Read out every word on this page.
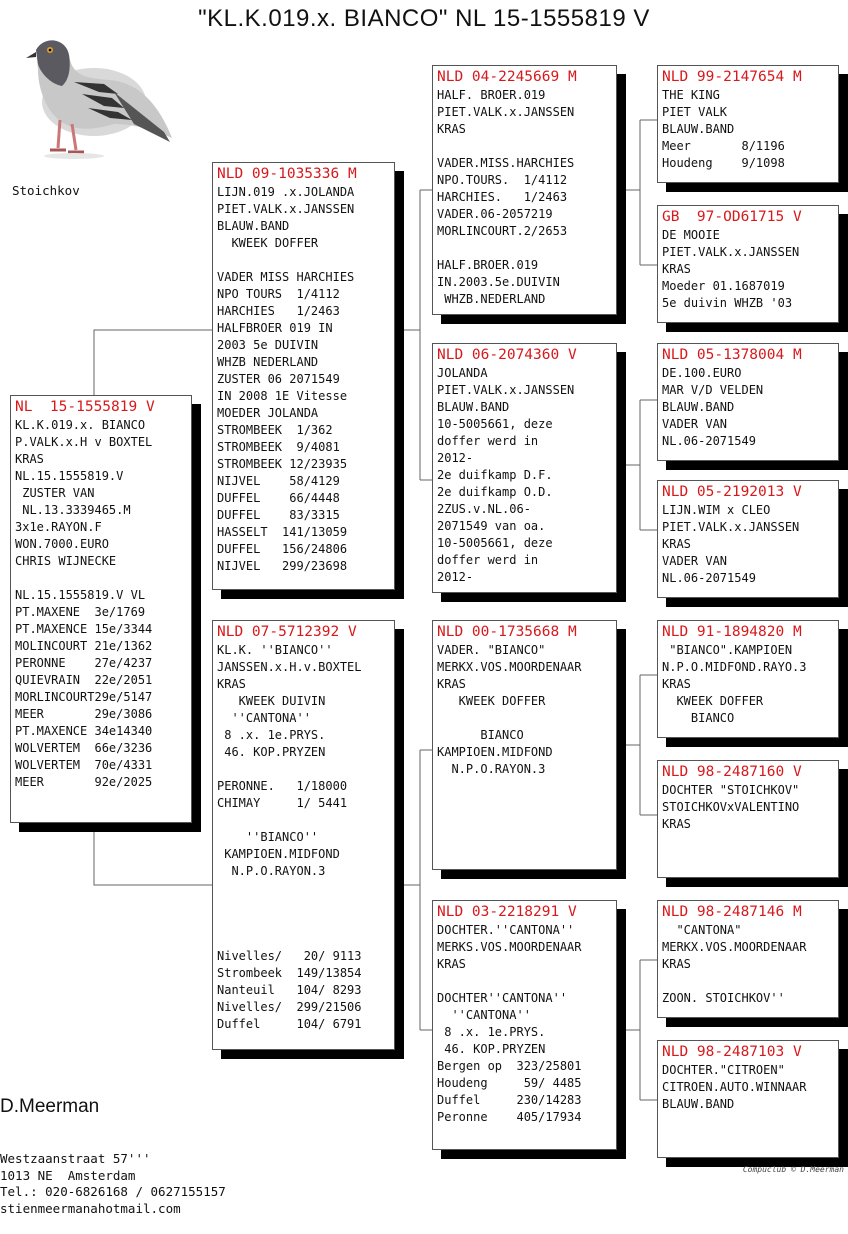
"KL.K.019.x. BIANCO" NL 15-1555819 V
Stoichkov
NL  15-1555819 V
KL.K.019.x. BIANCO
P.VALK.x.H v BOXTEL
KRAS
NL.15.1555819.V
ZUSTER VAN
NL.13.3339465.M
3x1e.RAYON.F
WON.7000.EURO
CHRIS WIJNECKE

NL.15.1555819.V VL
PT.MAXENE  3e/1769
PT.MAXENCE 15e/3344
MOLINCOURT 21e/1362
PERONNE    27e/4237
QUIEVRAIN  22e/2051
MORLINCOURT29e/5147
MEER       29e/3086
PT.MAXENCE 34e14340
WOLVERTEM  66e/3236
WOLVERTEM  70e/4331
MEER       92e/2025
NLD 09-1035336 M
LIJN.019 .x.JOLANDA
PIET.VALK.x.JANSSEN
BLAUW.BAND
KWEEK DOFFER

VADER MISS HARCHIES
NPO TOURS  1/4112
HARCHIES   1/2463
HALFBROER 019 IN
2003 5e DUIVIN
WHZB NEDERLAND
ZUSTER 06 2071549
IN 2008 1E Vitesse
MOEDER JOLANDA
STROMBEEK  1/362
STROMBEEK  9/4081
STROMBEEK 12/23935
NIJVEL    58/4129
DUFFEL    66/4448
DUFFEL    83/3315
HASSELT  141/13059
DUFFEL   156/24806
NIJVEL   299/23698
NLD 07-5712392 V
KL.K. ''BIANCO''
JANSSEN.x.H.v.BOXTEL
KRAS
KWEEK DUIVIN
''CANTONA''
8 .x. 1e.PRYS.
46. KOP.PRYZEN

PERONNE.   1/18000
CHIMAY     1/ 5441

''BIANCO''
KAMPIOEN.MIDFOND
N.P.O.RAYON.3

Nivelles/   20/ 9113
Strombeek  149/13854
Nanteuil   104/ 8293
Nivelles/  299/21506
Duffel     104/ 6791
NLD 04-2245669 M
HALF. BROER.019
PIET.VALK.x.JANSSEN
KRAS

VADER.MISS.HARCHIES
NPO.TOURS.  1/4112
HARCHIES.   1/2463
VADER.06-2057219
MORLINCOURT.2/2653

HALF.BROER.019
IN.2003.5e.DUIVIN
WHZB.NEDERLAND
NLD 06-2074360 V
JOLANDA
PIET.VALK.x.JANSSEN
BLAUW.BAND
10-5005661, deze
doffer werd in
2012-
2e duifkamp D.F.
2e duifkamp O.D.
2ZUS.v.NL.06-
2071549 van oa.
10-5005661, deze
doffer werd in
2012-
NLD 00-1735668 M
VADER. "BIANCO"
MERKX.VOS.MOORDENAAR
KRAS
KWEEK DOFFER

BIANCO
KAMPIOEN.MIDFOND
N.P.O.RAYON.3
NLD 03-2218291 V
DOCHTER.''CANTONA''
MERKS.VOS.MOORDENAAR
KRAS

DOCHTER''CANTONA''
''CANTONA''
8 .x. 1e.PRYS.
46. KOP.PRYZEN
Bergen op  323/25801
Houdeng     59/ 4485
Duffel     230/14283
Peronne    405/17934
NLD 99-2147654 M
THE KING
PIET VALK
BLAUW.BAND
Meer       8/1196
Houdeng    9/1098
GB  97-OD61715 V
DE MOOIE
PIET.VALK.x.JANSSEN
KRAS
Moeder 01.1687019
5e duivin WHZB '03
NLD 05-1378004 M
DE.100.EURO
MAR V/D VELDEN
BLAUW.BAND
VADER VAN
NL.06-2071549
NLD 05-2192013 V
LIJN.WIM x CLEO
PIET.VALK.x.JANSSEN
KRAS
VADER VAN
NL.06-2071549
NLD 91-1894820 M
"BIANCO".KAMPIOEN
N.P.O.MIDFOND.RAYO.3
KRAS
KWEEK DOFFER
BIANCO
NLD 98-2487160 V
DOCHTER "STOICHKOV"
STOICHKOVxVALENTINO
KRAS
NLD 98-2487146 M
"CANTONA"
MERKX.VOS.MOORDENAAR
KRAS

ZOON. STOICHKOV''
NLD 98-2487103 V
DOCHTER."CITROEN"
CITROEN.AUTO.WINNAAR
BLAUW.BAND

D.Meerman

Westzaanstraat 57'''
1013 NE  Amsterdam
Tel.: 020-6826168 / 0627155157
stienmeermanahotmail.com

Compuclub © D.Meerman
